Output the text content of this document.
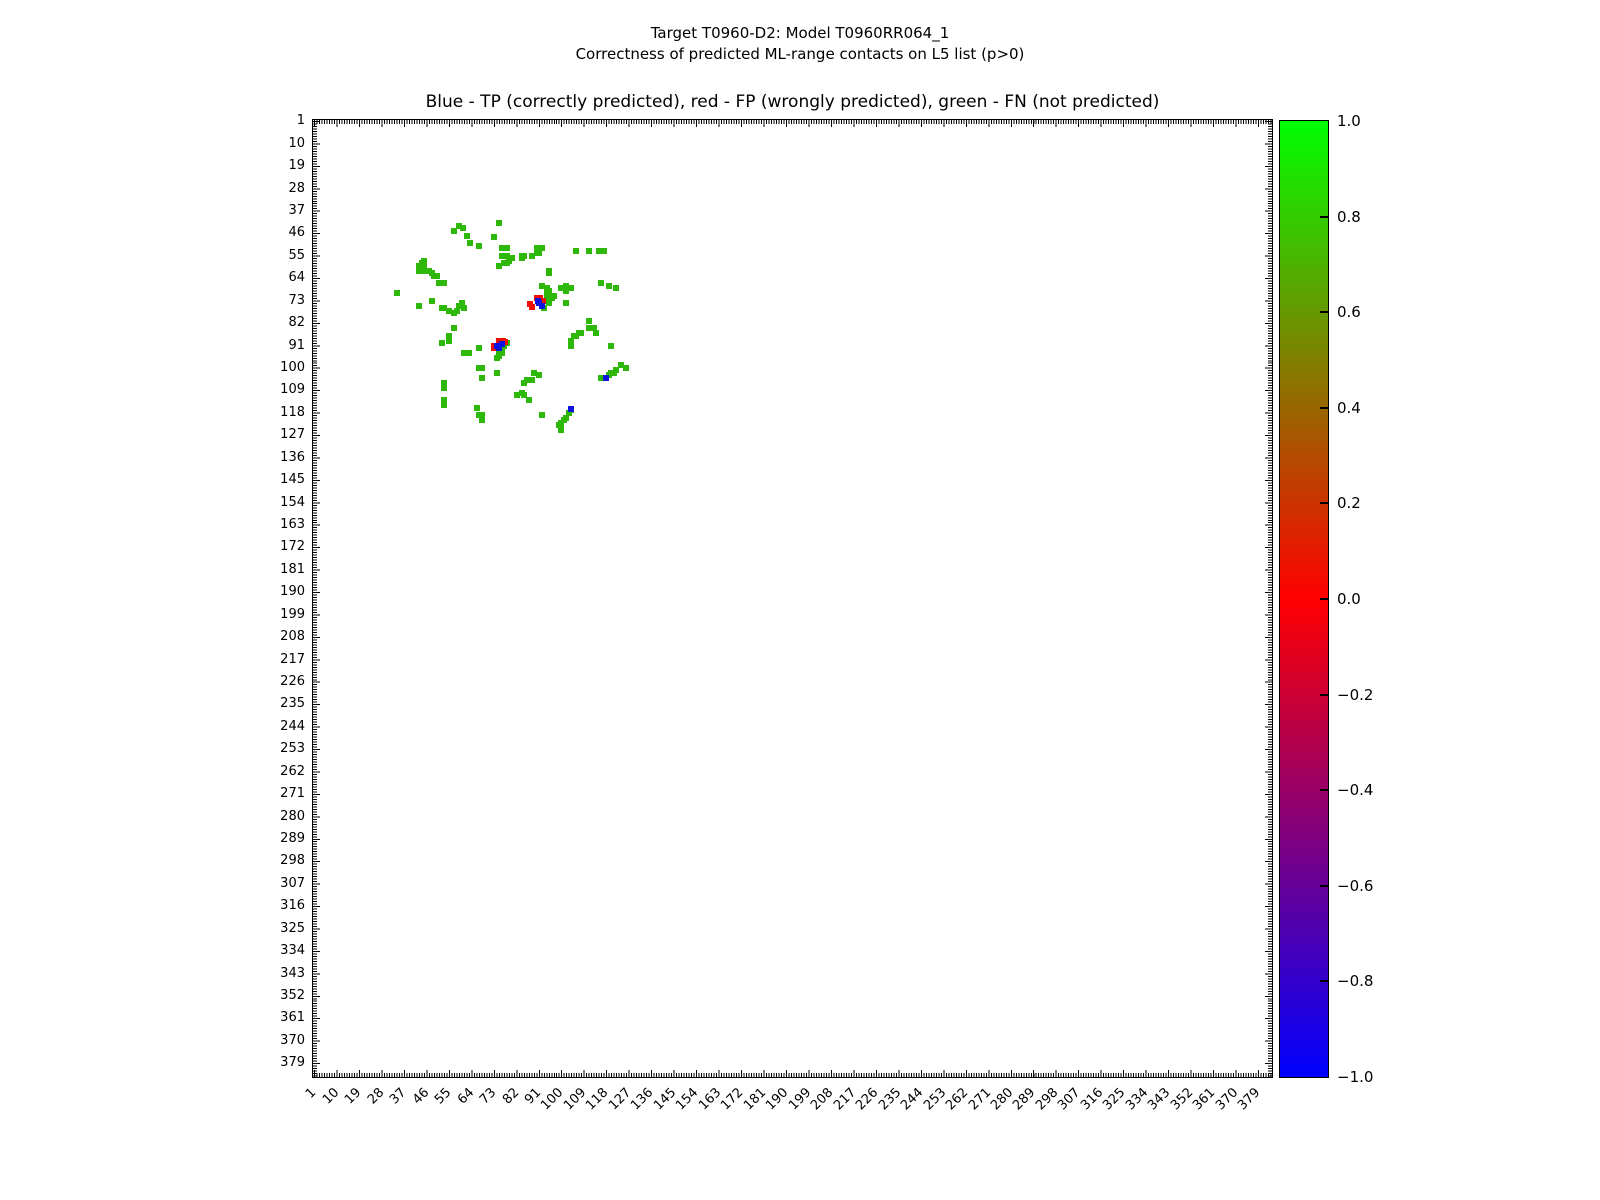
Target T0960-D2: Model T0960RR064_1
Correctness of predicted ML-range contacts on L5 list (p>0)
Blue - TP (correctly predicted), red - FP (wrongly predicted), green - FN (not predicted)
1
10
19
28
37
46
55
64
73
82
91
100
109
118
127
136
145
154
163
172
181
190
199
208
217
226
235
244
253
262
271
280
289
298
307
316
325
334
343
352
361
370
379
1 10 19 28 37 46 55 64 73 82 91
100
109
118
127
136
145
154
163
172
181
190
199
208
217
226
235
244
253
262
271
280
289
298
307
316
325
334
343
352
361
370
379
1.0
0.8
0.6
0.4
0.2
0.0
−0.2
−0.4
−0.6
−0.8
−1.0
